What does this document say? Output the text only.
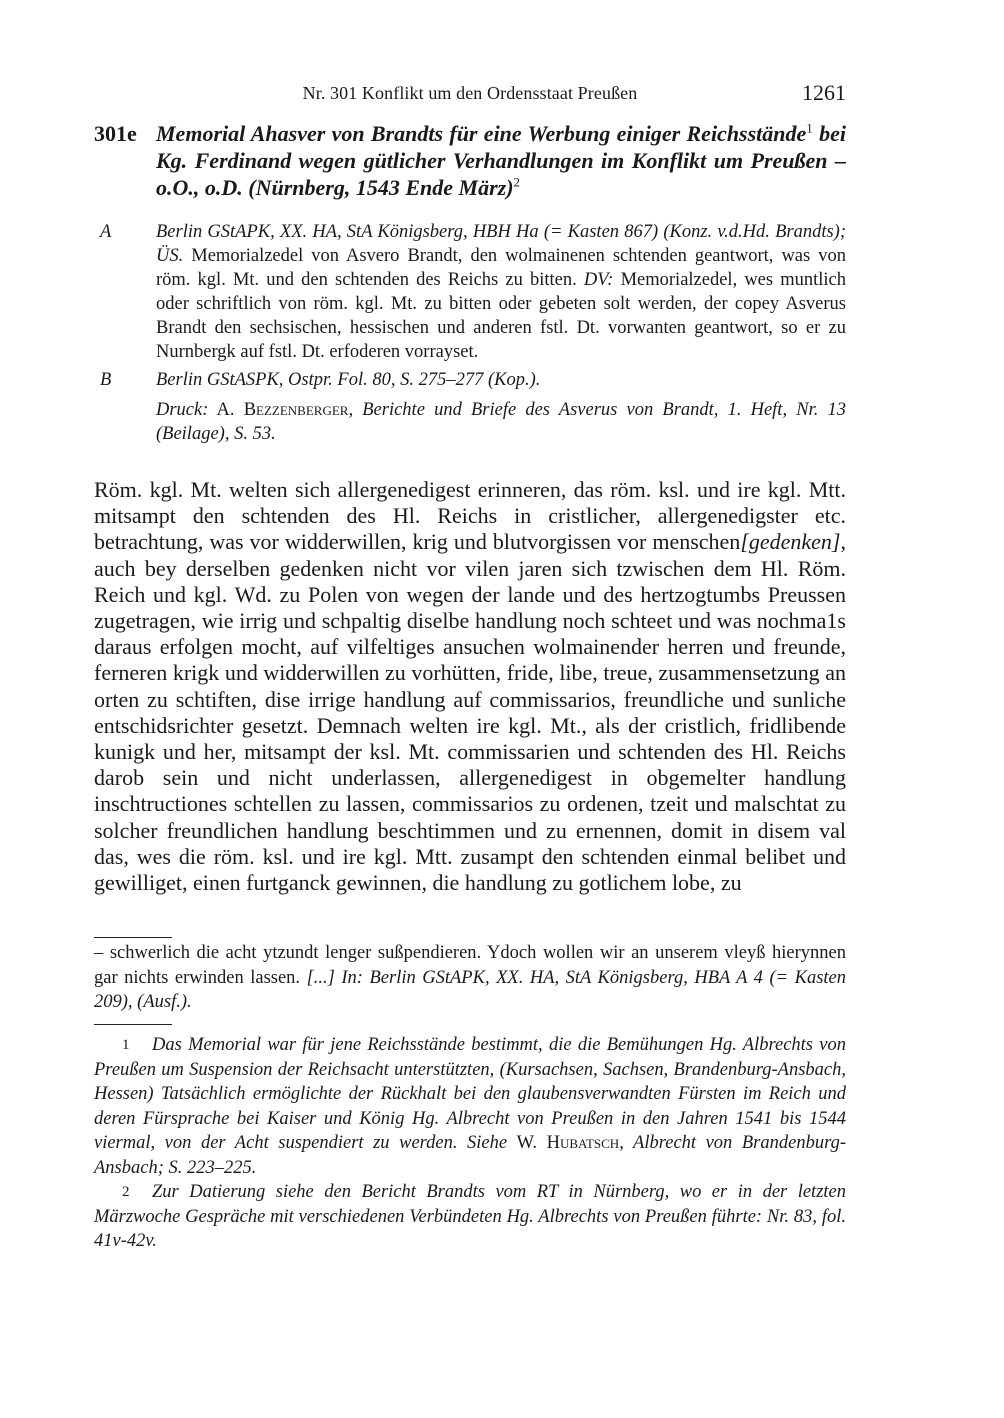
Nr. 301 Konflikt um den Ordensstaat Preußen	1261
301e Memorial Ahasver von Brandts für eine Werbung einiger Reichsstände$^1$ bei Kg. Ferdinand wegen gütlicher Verhandlungen im Konflikt um Preußen – o.O., o.D. (Nürnberg, 1543 Ende März)$^2$
A Berlin GStAPK, XX. HA, StA Königsberg, HBH Ha (= Kasten 867) (Konz. v.d.Hd. Brandts); ÜS. Memorialzedel von Asvero Brandt, den wolmainenen schtenden geantwort, was von röm. kgl. Mt. und den schtenden des Reichs zu bitten. DV: Memorialzedel, wes muntlich oder schriftlich von röm. kgl. Mt. zu bitten oder gebeten solt werden, der copey Asverus Brandt den sechsischen, hessischen und anderen fstl. Dt. vorwanten geantwort, so er zu Nurnbergk auf fstl. Dt. erfoderen vorrayset.
B Berlin GStASPK, Ostpr. Fol. 80, S. 275–277 (Kop.).
Druck: A. Bezzenberger, Berichte und Briefe des Asverus von Brandt, 1. Heft, Nr. 13 (Beilage), S. 53.
Röm. kgl. Mt. welten sich allergenedigest erinneren, das röm. ksl. und ire kgl. Mtt. mitsampt den schtenden des Hl. Reichs in cristlicher, allergenedigster etc. betrachtung, was vor widderwillen, krig und blutvorgissen vor menschen[gedenken], auch bey derselben gedenken nicht vor vilen jaren sich tzwischen dem Hl. Röm. Reich und kgl. Wd. zu Polen von wegen der lande und des hertzogtumbs Preussen zugetragen, wie irrig und schpaltig diselbe handlung noch schteet und was nochma1s daraus erfolgen mocht, auf vilfeltiges ansuchen wolmainender herren und freunde, ferneren krigk und widderwillen zu vorhütten, fride, libe, treue, zusammensetzung an orten zu schtiften, dise irrige handlung auf commissarios, freundliche und sunliche entschidsrichter gesetzt. Demnach welten ire kgl. Mt., als der cristlich, fridlibende kunigk und her, mitsampt der ksl. Mt. commissarien und schtenden des Hl. Reichs darob sein und nicht underlassen, allergenedigest in obgemelter handlung inschtructiones schtellen zu lassen, commissarios zu ordenen, tzeit und malschtat zu solcher freundlichen handlung beschtimmen und zu ernennen, domit in disem val das, wes die röm. ksl. und ire kgl. Mtt. zusampt den schtenden einmal belibet und gewilliget, einen furtganck gewinnen, die handlung zu gotlichem lobe, zu
– schwerlich die acht ytzundt lenger sußpendieren. Ydoch wollen wir an unserem vleyß hierynnen gar nichts erwinden lassen. [...] In: Berlin GStAPK, XX. HA, StA Königsberg, HBA A 4 (= Kasten 209), (Ausf.).

1 Das Memorial war für jene Reichsstände bestimmt, die die Bemühungen Hg. Albrechts von Preußen um Suspension der Reichsacht unterstützten, (Kursachsen, Sachsen, Brandenburg-Ansbach, Hessen) Tatsächlich ermöglichte der Rückhalt bei den glaubensverwandten Fürsten im Reich und deren Fürsprache bei Kaiser und König Hg. Albrecht von Preußen in den Jahren 1541 bis 1544 viermal, von der Acht suspendiert zu werden. Siehe W. Hubatsch, Albrecht von Brandenburg-Ansbach; S. 223–225.

2 Zur Datierung siehe den Bericht Brandts vom RT in Nürnberg, wo er in der letzten Märzwoche Gespräche mit verschiedenen Verbündeten Hg. Albrechts von Preußen führte: Nr. 83, fol. 41v-42v.
